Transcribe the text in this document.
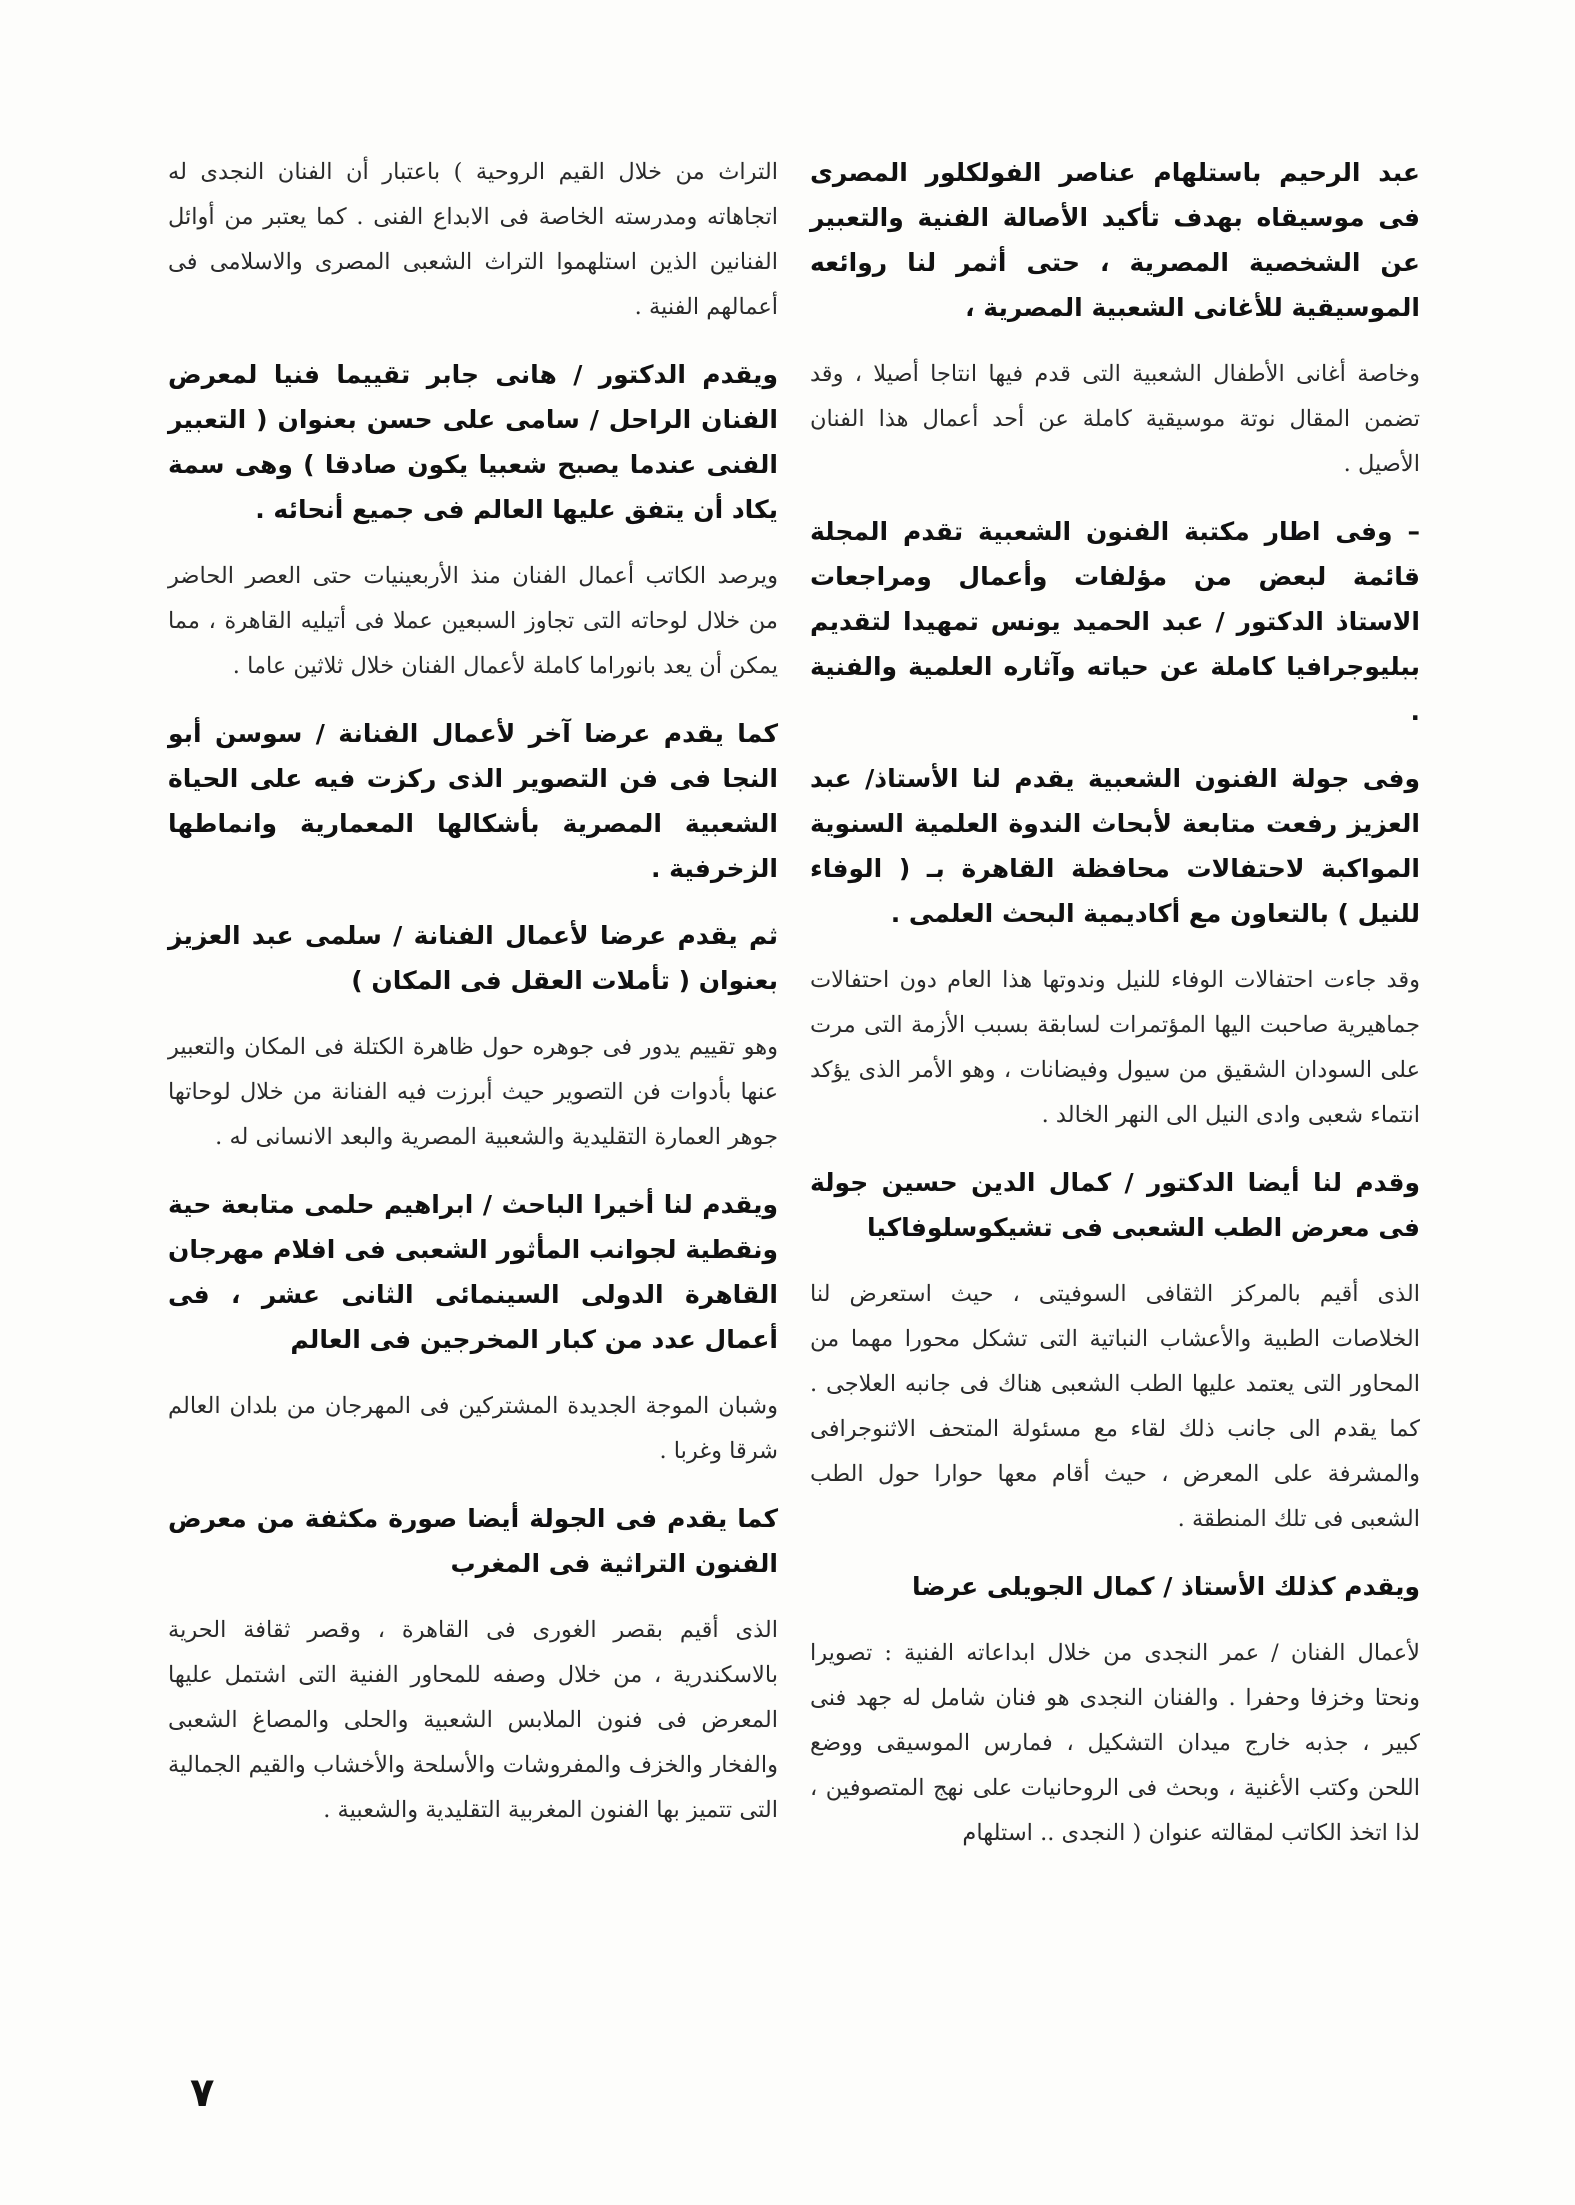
عبد الرحيم باستلهام عناصر الفولكلور المصرى فى موسيقاه بهدف تأكيد الأصالة الفنية والتعبير عن الشخصية المصرية ، حتى أثمر لنا روائعه الموسيقية للأغانى الشعبية المصرية ،

وخاصة أغانى الأطفال الشعبية التى قدم فيها انتاجا أصيلا ، وقد تضمن المقال نوتة موسيقية كاملة عن أحد أعمال هذا الفنان الأصيل .

– وفى اطار مكتبة الفنون الشعبية تقدم المجلة قائمة لبعض من مؤلفات وأعمال ومراجعات الاستاذ الدكتور / عبد الحميد يونس تمهيدا لتقديم ببليوجرافيا كاملة عن حياته وآثاره العلمية والفنية .

وفى جولة الفنون الشعبية يقدم لنا الأستاذ/ عبد العزيز رفعت متابعة لأبحاث الندوة العلمية السنوية المواكبة لاحتفالات محافظة القاهرة بـ ( الوفاء للنيل ) بالتعاون مع أكاديمية البحث العلمى .

وقد جاءت احتفالات الوفاء للنيل وندوتها هذا العام دون احتفالات جماهيرية صاحبت اليها المؤتمرات لسابقة بسبب الأزمة التى مرت على السودان الشقيق من سيول وفيضانات ، وهو الأمر الذى يؤكد انتماء شعبى وادى النيل الى النهر الخالد .

وقدم لنا أيضا الدكتور / كمال الدين حسين جولة فى معرض الطب الشعبى فى تشيكوسلوفاكيا

الذى أقيم بالمركز الثقافى السوفيتى ، حيث استعرض لنا الخلاصات الطبية والأعشاب النباتية التى تشكل محورا مهما من المحاور التى يعتمد عليها الطب الشعبى هناك فى جانبه العلاجى . كما يقدم الى جانب ذلك لقاء مع مسئولة المتحف الاثنوجرافى والمشرفة على المعرض ، حيث أقام معها حوارا حول الطب الشعبى فى تلك المنطقة .

ويقدم كذلك الأستاذ / كمال الجويلى عرضا

لأعمال الفنان / عمر النجدى من خلال ابداعاته الفنية : تصويرا ونحتا وخزفا وحفرا . والفنان النجدى هو فنان شامل له جهد فنى كبير ، جذبه خارج ميدان التشكيل ، فمارس الموسيقى ووضع اللحن وكتب الأغنية ، وبحث فى الروحانيات على نهج المتصوفين ، لذا اتخذ الكاتب لمقالته عنوان ( النجدى .. استلهام

التراث من خلال القيم الروحية ) باعتبار أن الفنان النجدى له اتجاهاته ومدرسته الخاصة فى الابداع الفنى . كما يعتبر من أوائل الفنانين الذين استلهموا التراث الشعبى المصرى والاسلامى فى أعمالهم الفنية .

ويقدم الدكتور / هانى جابر تقييما فنيا لمعرض الفنان الراحل / سامى على حسن بعنوان ( التعبير الفنى عندما يصبح شعبيا يكون صادقا ) وهى سمة يكاد أن يتفق عليها العالم فى جميع أنحائه .

ويرصد الكاتب أعمال الفنان منذ الأربعينيات حتى العصر الحاضر من خلال لوحاته التى تجاوز السبعين عملا فى أتيليه القاهرة ، مما يمكن أن يعد بانوراما كاملة لأعمال الفنان خلال ثلاثين عاما .

كما يقدم عرضا آخر لأعمال الفنانة / سوسن أبو النجا فى فن التصوير الذى ركزت فيه على الحياة الشعبية المصرية بأشكالها المعمارية وانماطها الزخرفية .

ثم يقدم عرضا لأعمال الفنانة / سلمى عبد العزيز بعنوان ( تأملات العقل فى المكان )

وهو تقييم يدور فى جوهره حول ظاهرة الكتلة فى المكان والتعبير عنها بأدوات فن التصوير حيث أبرزت فيه الفنانة من خلال لوحاتها جوهر العمارة التقليدية والشعبية المصرية والبعد الانسانى له .

ويقدم لنا أخيرا الباحث / ابراهيم حلمى متابعة حية ونقطية لجوانب المأثور الشعبى فى افلام مهرجان القاهرة الدولى السينمائى الثانى عشر ، فى أعمال عدد من كبار المخرجين فى العالم

وشبان الموجة الجديدة المشتركين فى المهرجان من بلدان العالم شرقا وغربا .

كما يقدم فى الجولة أيضا صورة مكثفة من معرض الفنون التراثية فى المغرب

الذى أقيم بقصر الغورى فى القاهرة ، وقصر ثقافة الحرية بالاسكندرية ، من خلال وصفه للمحاور الفنية التى اشتمل عليها المعرض فى فنون الملابس الشعبية والحلى والمصاغ الشعبى والفخار والخزف والمفروشات والأسلحة والأخشاب والقيم الجمالية التى تتميز بها الفنون المغربية التقليدية والشعبية .

٧
